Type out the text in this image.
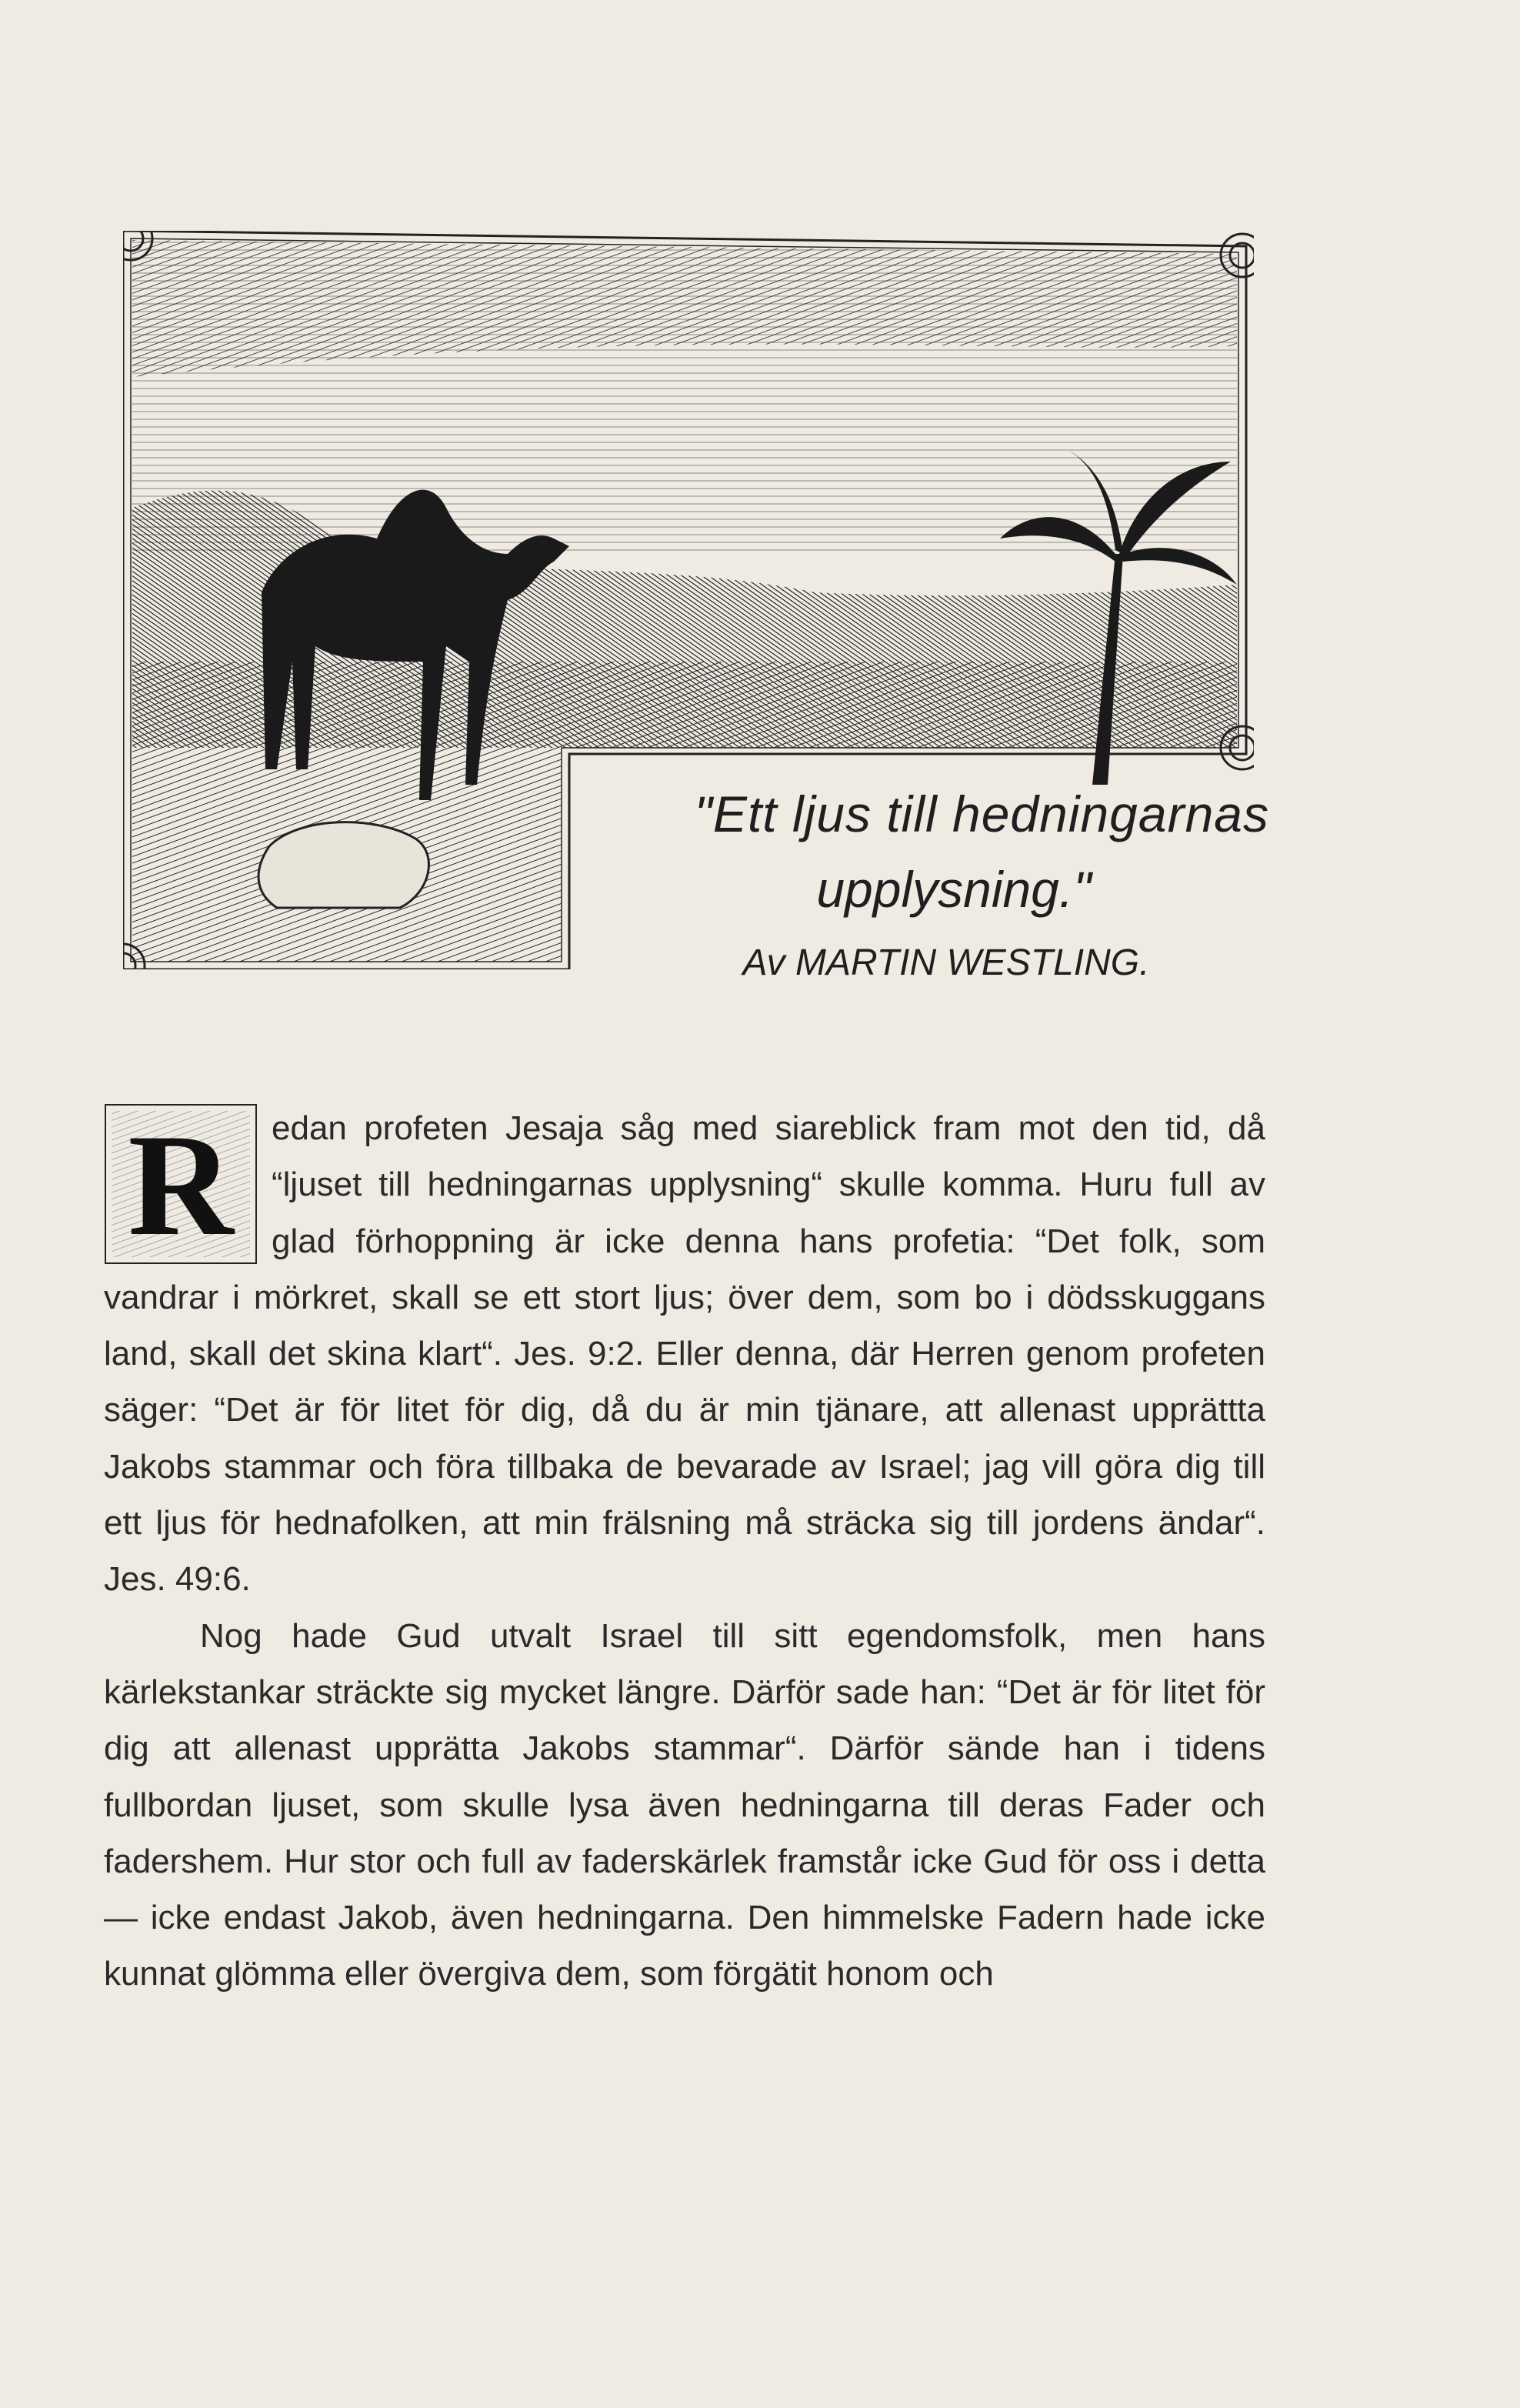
"Ett ljus till hedningarnas
upplysning."
Av MARTIN WESTLING.
R	edan profeten Jesaja såg med siareblick fram mot den tid, då “ljuset till hedningarnas upplysning“ skulle komma. Huru full av glad förhoppning är icke denna hans profetia: “Det folk, som vandrar i mörkret, skall se ett stort ljus; över dem, som bo i dödsskuggans land, skall det skina klart“. Jes. 9:2. Eller denna, där Herren genom profeten säger: “Det är för litet för dig, då du är min tjänare, att allenast upprättta Jakobs stammar och föra tillbaka de bevarade av Israel; jag vill göra dig till ett ljus för hednafolken, att min frälsning må sträcka sig till jordens ändar“. Jes. 49:6.

Nog hade Gud utvalt Israel till sitt egendomsfolk, men hans kärlekstankar sträckte sig mycket längre. Därför sade han: “Det är för litet för dig att allenast upprätta Jakobs stammar“. Därför sände han i tidens fullbordan ljuset, som skulle lysa även hedningarna till deras Fader och fadershem. Hur stor och full av faderskärlek framstår icke Gud för oss i detta — icke endast Jakob, även hedningarna. Den himmelske Fadern hade icke kunnat glömma eller övergiva dem, som förgätit honom och
